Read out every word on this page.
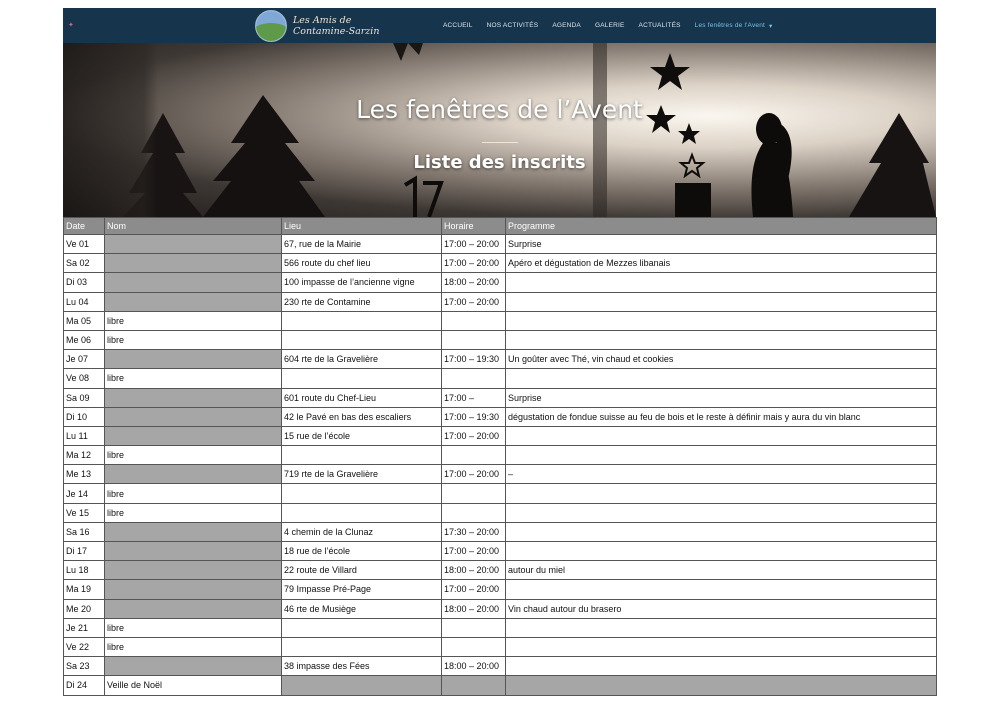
✦	Les Amis de
Contamine-Sarzin	ACCUEIL NOS ACTIVITÉS AGENDA GALERIE ACTUALITÉS Les fenêtres de l'Avent ▾
Les fenêtres de l’Avent
Liste des inscrits
Date	Nom	Lieu	Horaire	Programme
Ve 01		67, rue de la Mairie	17:00 – 20:00	Surprise
Sa 02		566 route du chef lieu	17:00 – 20:00	Apéro et dégustation de Mezzes libanais
Di 03		100 impasse de l’ancienne vigne	18:00 – 20:00	
Lu 04		230 rte de Contamine	17:00 – 20:00	
Ma 05	libre			
Me 06	libre			
Je 07		604 rte de la Gravelière	17:00 – 19:30	Un goûter avec Thé, vin chaud et cookies
Ve 08	libre			
Sa 09		601 route du Chef-Lieu	17:00 –	Surprise
Di 10		42 le Pavé en bas des escaliers	17:00 – 19:30	dégustation de fondue suisse au feu de bois et le reste à définir mais y aura du vin blanc
Lu 11		15 rue de l’école	17:00 – 20:00	
Ma 12	libre			
Me 13		719 rte de la Gravelière	17:00 – 20:00	–
Je 14	libre			
Ve 15	libre			
Sa 16		4 chemin de la Clunaz	17:30 – 20:00	
Di 17		18 rue de l’école	17:00 – 20:00	
Lu 18		22 route de Villard	18:00 – 20:00	autour du miel
Ma 19		79 Impasse Pré-Page	17:00 – 20:00	
Me 20		46 rte de Musiège	18:00 – 20:00	Vin chaud autour du brasero
Je 21	libre			
Ve 22	libre			
Sa 23		38 impasse des Fées	18:00 – 20:00	
Di 24	Veille de Noël			
